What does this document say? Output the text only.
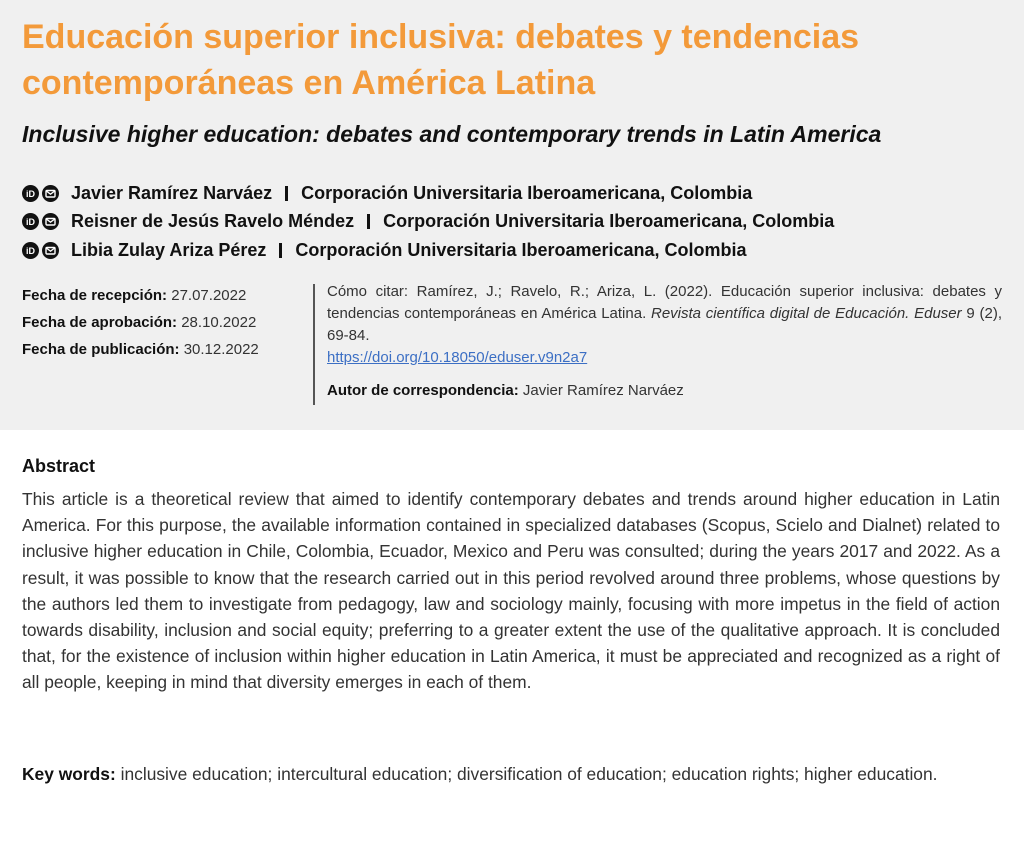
Educación superior inclusiva: debates y tendencias contemporáneas en América Latina
Inclusive higher education: debates and contemporary trends in Latin America
iD Javier Ramírez Narváez Corporación Universitaria Iberoamericana, Colombia
iD Reisner de Jesús Ravelo Méndez Corporación Universitaria Iberoamericana, Colombia
iD Libia Zulay Ariza Pérez Corporación Universitaria Iberoamericana, Colombia
Fecha de recepción: 27.07.2022
Fecha de aprobación: 28.10.2022
Fecha de publicación: 30.12.2022
Cómo citar: Ramírez, J.; Ravelo, R.; Ariza, L. (2022). Educación superior inclusiva: debates y tendencias contemporáneas en América Latina. Revista científica digital de Educación. Eduser 9 (2), 69-84.
https://doi.org/10.18050/eduser.v9n2a7
Autor de correspondencia: Javier Ramírez Narváez
Abstract

This article is a theoretical review that aimed to identify contemporary debates and trends around higher education in Latin America. For this purpose, the available information contained in specialized databases (Scopus, Scielo and Dialnet) related to inclusive higher education in Chile, Colombia, Ecuador, Mexico and Peru was consulted; during the years 2017 and 2022. As a result, it was possible to know that the research carried out in this period revolved around three problems, whose questions by the authors led them to investigate from pedagogy, law and sociology mainly, focusing with more impetus in the field of action towards disability, inclusion and social equity; preferring to a greater extent the use of the qualitative approach. It is concluded that, for the existence of inclusion within higher education in Latin America, it must be appreciated and recognized as a right of all people, keeping in mind that diversity emerges in each of them.

Key words: inclusive education; intercultural education; diversification of education; education rights; higher education.
